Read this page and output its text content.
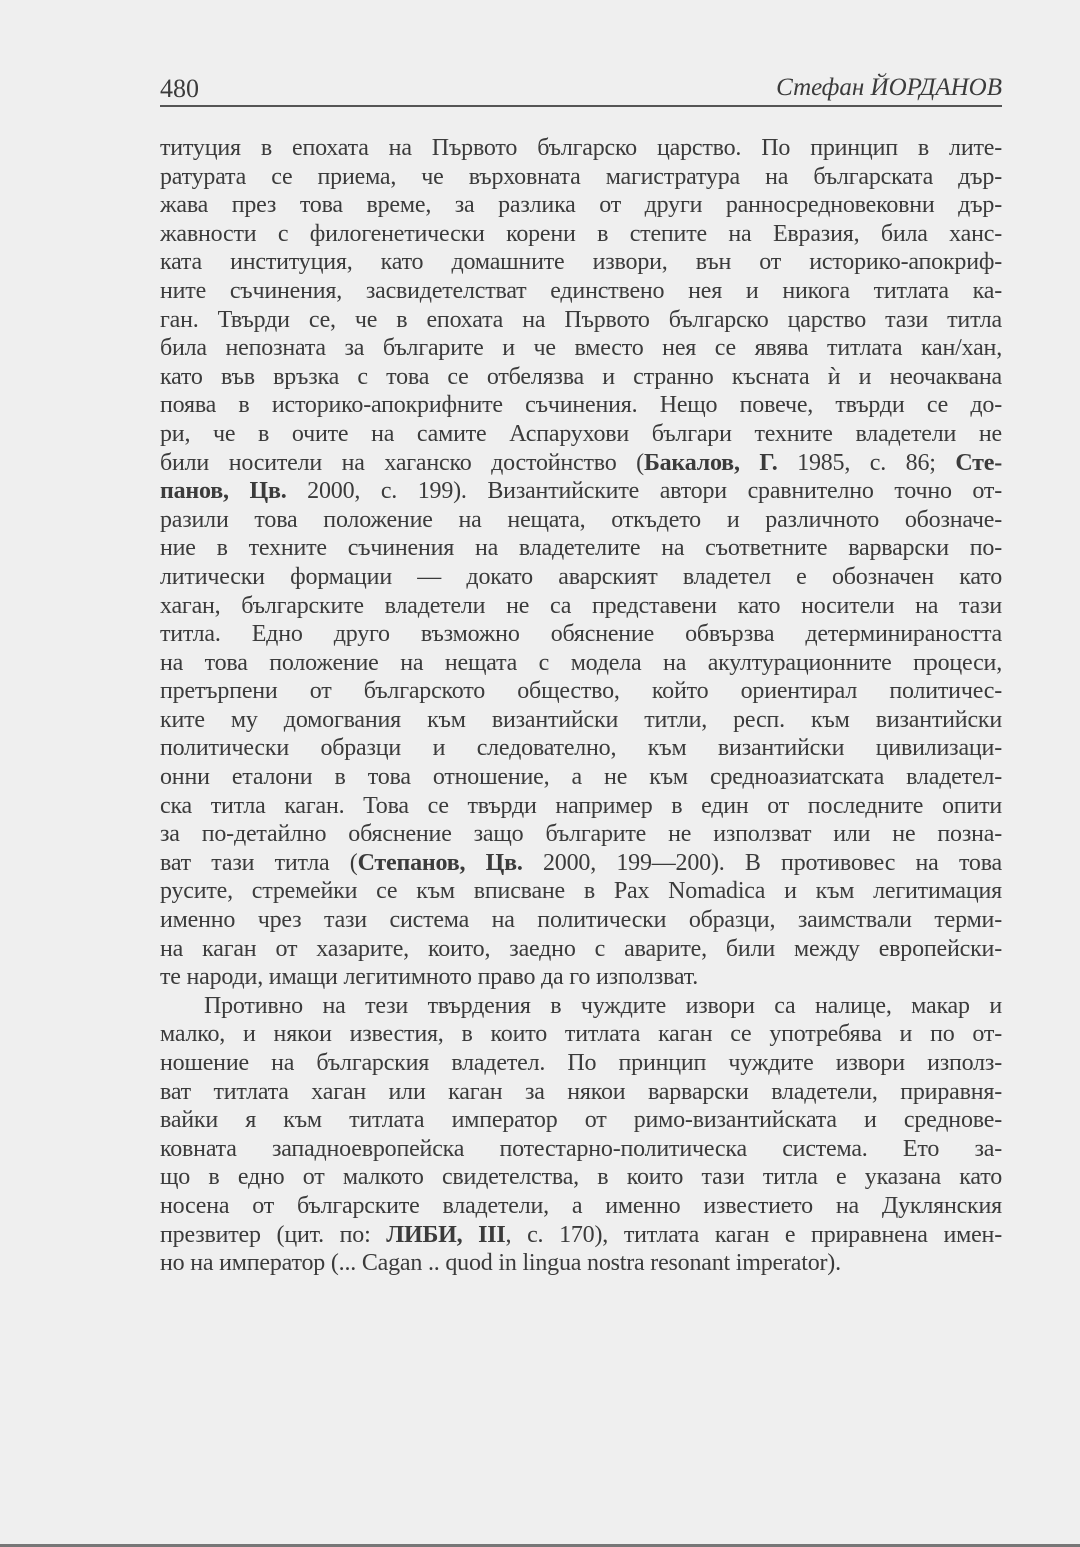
480	Стефан ЙОРДАНОВ
титуция в епохата на Първото българско царство. По принцип в лите-
ратурата се приема, че върховната магистратура на българската дър-
жава през това време, за разлика от други ранносредновековни дър-
жавности с филогенетически корени в степите на Евразия, била ханс-
ката институция, като домашните извори, вън от историко-апокриф-
ните съчинения, засвидетелстват единствено нея и никога титлата ка-
ган. Твърди се, че в епохата на Първото българско царство тази титла
била непозната за българите и че вместо нея се явява титлата кан/хан,
като във връзка с това се отбелязва и странно късната ѝ и неочаквана
поява в историко-апокрифните съчинения. Нещо повече, твърди се до-
ри, че в очите на самите Аспарухови българи техните владетели не
били носители на хаганско достойнство (Бакалов, Г. 1985, с. 86; Сте-
панов, Цв. 2000, с. 199). Византийските автори сравнително точно от-
разили това положение на нещата, откъдето и различното обозначе-
ние в техните съчинения на владетелите на съответните варварски по-
литически формации — докато аварският владетел е обозначен като
хаган, българските владетели не са представени като носители на тази
титла. Едно друго възможно обяснение обвързва детерминираността
на това положение на нещата с модела на акултурационните процеси,
претърпени от българското общество, който ориентирал политичес-
ките му домогвания към византийски титли, респ. към византийски
политически образци и следователно, към византийски цивилизаци-
онни еталони в това отношение, а не към средноазиатската владетел-
ска титла каган. Това се твърди например в един от последните опити
за по-детайлно обяснение защо българите не използват или не позна-
ват тази титла (Степанов, Цв. 2000, 199—200). В противовес на това
русите, стремейки се към вписване в Pax Nomadica и към легитимация
именно чрез тази система на политически образци, заимствали терми-
на каган от хазарите, които, заедно с аварите, били между европейски-
те народи, имащи легитимното право да го използват.
Противно на тези твърдения в чуждите извори са налице, макар и
малко, и някои известия, в които титлата каган се употребява и по от-
ношение на българския владетел. По принцип чуждите извори използ-
ват титлата хаган или каган за някои варварски владетели, приравня-
вайки я към титлата император от римо-византийската и среднове-
ковната западноевропейска потестарно-политическа система. Ето за-
що в едно от малкото свидетелства, в които тази титла е указана като
носена от българските владетели, а именно известието на Дуклянския
презвитер (цит. по: ЛИБИ, III, с. 170), титлата каган е приравнена имен-
но на император (... Cagan .. quod in lingua nostra resonant imperator).
